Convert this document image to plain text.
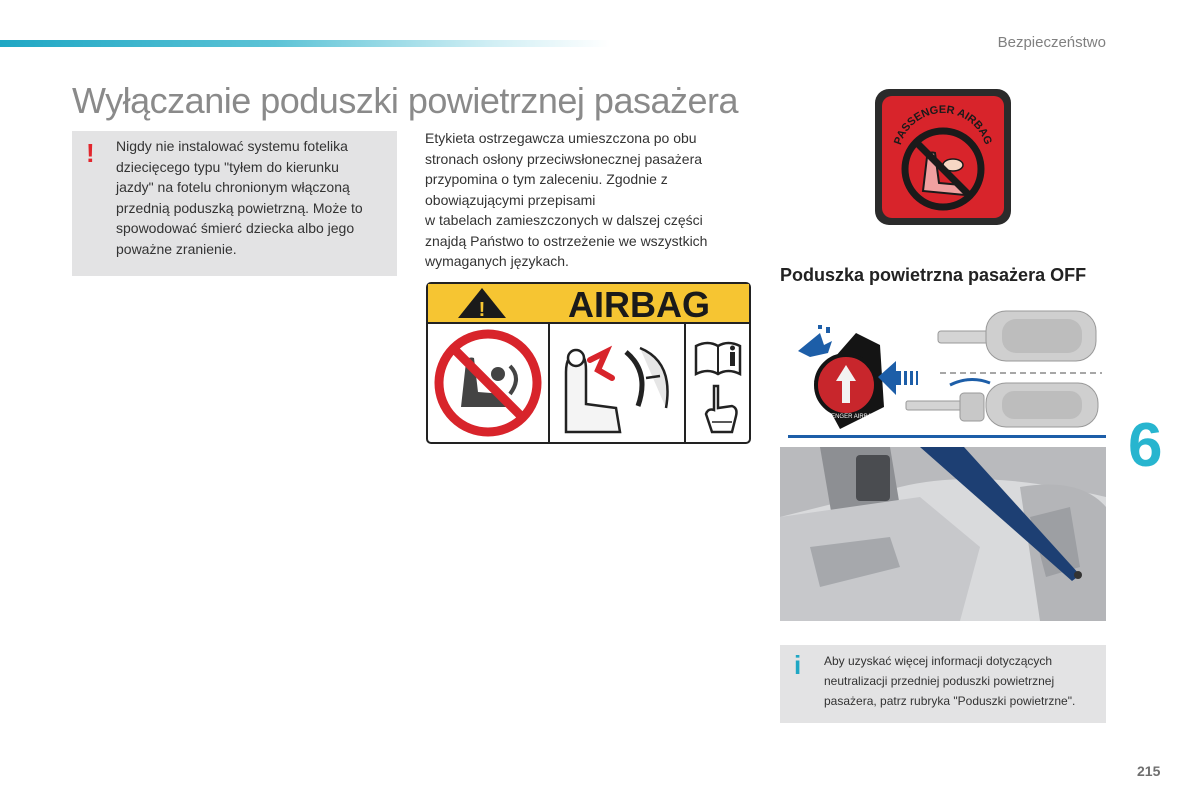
Bezpieczeństwo
Wyłączanie poduszki powietrznej pasażera
! Nigdy nie instalować systemu fotelika
dziecięcego typu "tyłem do kierunku
jazdy" na fotelu chronionym włączoną
przednią poduszką powietrzną. Może to
spowodować śmierć dziecka albo jego
poważne zranienie.
Etykieta ostrzegawcza umieszczona po obu
stronach osłony przeciwsłonecznej pasażera
przypomina o tym zaleceniu. Zgodnie z
obowiązującymi przepisami
w tabelach zamieszczonych w dalszej części
znajdą Państwo to ostrzeżenie we wszystkich
wymaganych językach.
! AIRBAG
PASSENGER AIRBAG
Poduszka powietrzna pasażera OFF
PASSENGER AIRBAG	6
i Aby uzyskać więcej informacji dotyczących
neutralizacji przedniej poduszki powietrznej
pasażera, patrz rubryka "Poduszki powietrzne".
215
